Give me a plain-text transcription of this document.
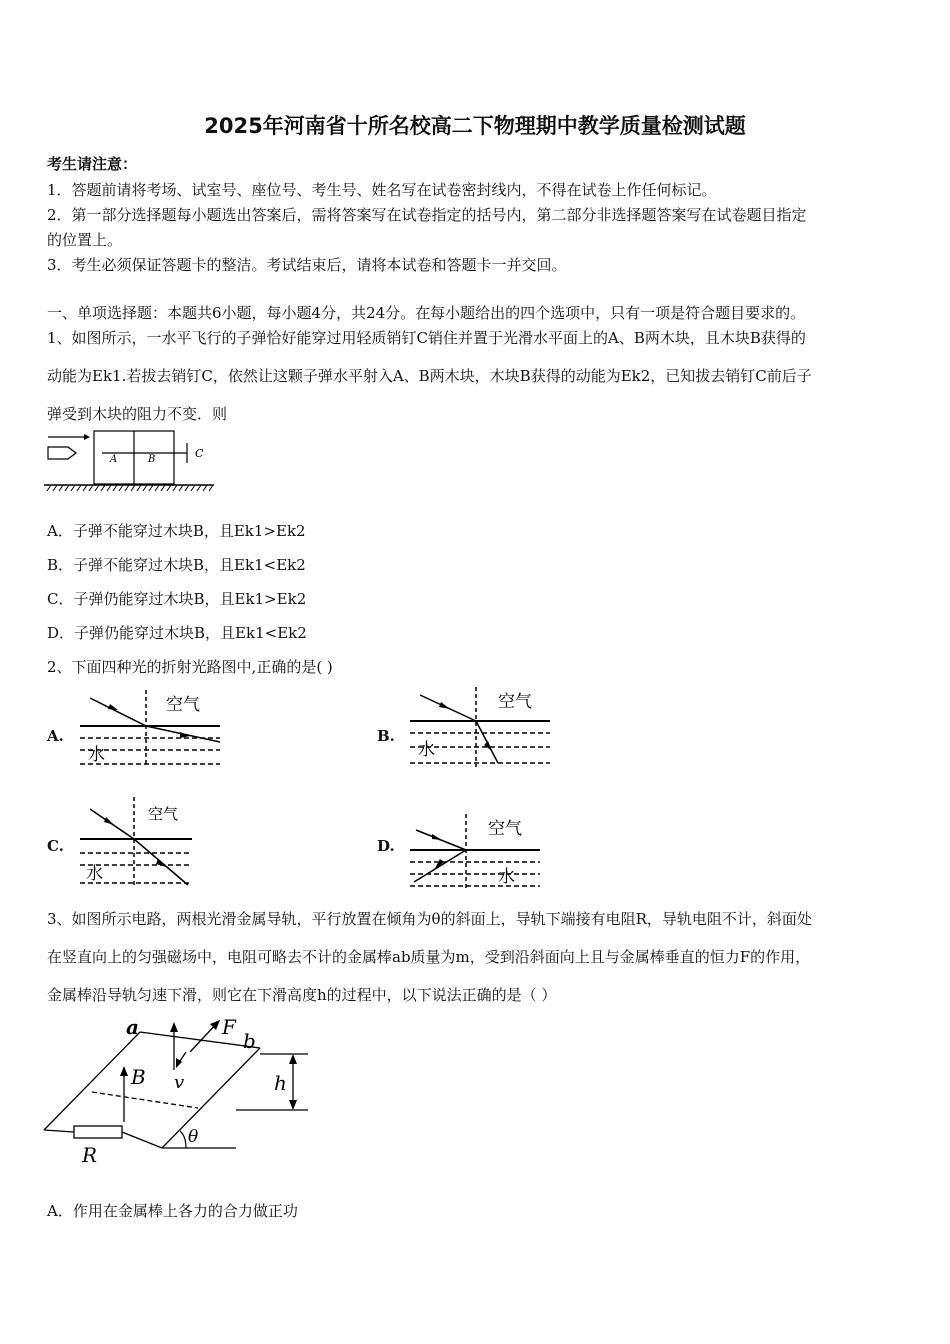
2025年河南省十所名校高二下物理期中教学质量检测试题
考生请注意：
1．答题前请将考场、试室号、座位号、考生号、姓名写在试卷密封线内，不得在试卷上作任何标记。
2．第一部分选择题每小题选出答案后，需将答案写在试卷指定的括号内，第二部分非选择题答案写在试卷题目指定
的位置上。
3．考生必须保证答题卡的整洁。考试结束后，请将本试卷和答题卡一并交回。
一、单项选择题：本题共6小题，每小题4分，共24分。在每小题给出的四个选项中，只有一项是符合题目要求的。
1、如图所示，一水平飞行的子弹恰好能穿过用轻质销钉C销住并置于光滑水平面上的A、B两木块，且木块B获得的
动能为Ek1.若拔去销钉C，依然让这颗子弹水平射入A、B两木块，木块B获得的动能为Ek2，已知拔去销钉C前后子
弹受到木块的阻力不变．则
A	B	C
A．子弹不能穿过木块B，且Ek1>Ek2
B．子弹不能穿过木块B，且Ek1<Ek2
C．子弹仍能穿过木块B，且Ek1>Ek2
D．子弹仍能穿过木块B，且Ek1<Ek2
2、下面四种光的折射光路图中,正确的是( )
A.	B.
C.	D.
空气
水
空气
水
空气
水
空气
水
3、如图所示电路，两根光滑金属导轨，平行放置在倾角为θ的斜面上，导轨下端接有电阻R，导轨电阻不计，斜面处
在竖直向上的匀强磁场中，电阻可略去不计的金属棒ab质量为m，受到沿斜面向上且与金属棒垂直的恒力F的作用，
金属棒沿导轨匀速下滑，则它在下滑高度h的过程中，以下说法正确的是（ ）
a
b
F
B v	h
θ
R
A．作用在金属棒上各力的合力做正功
